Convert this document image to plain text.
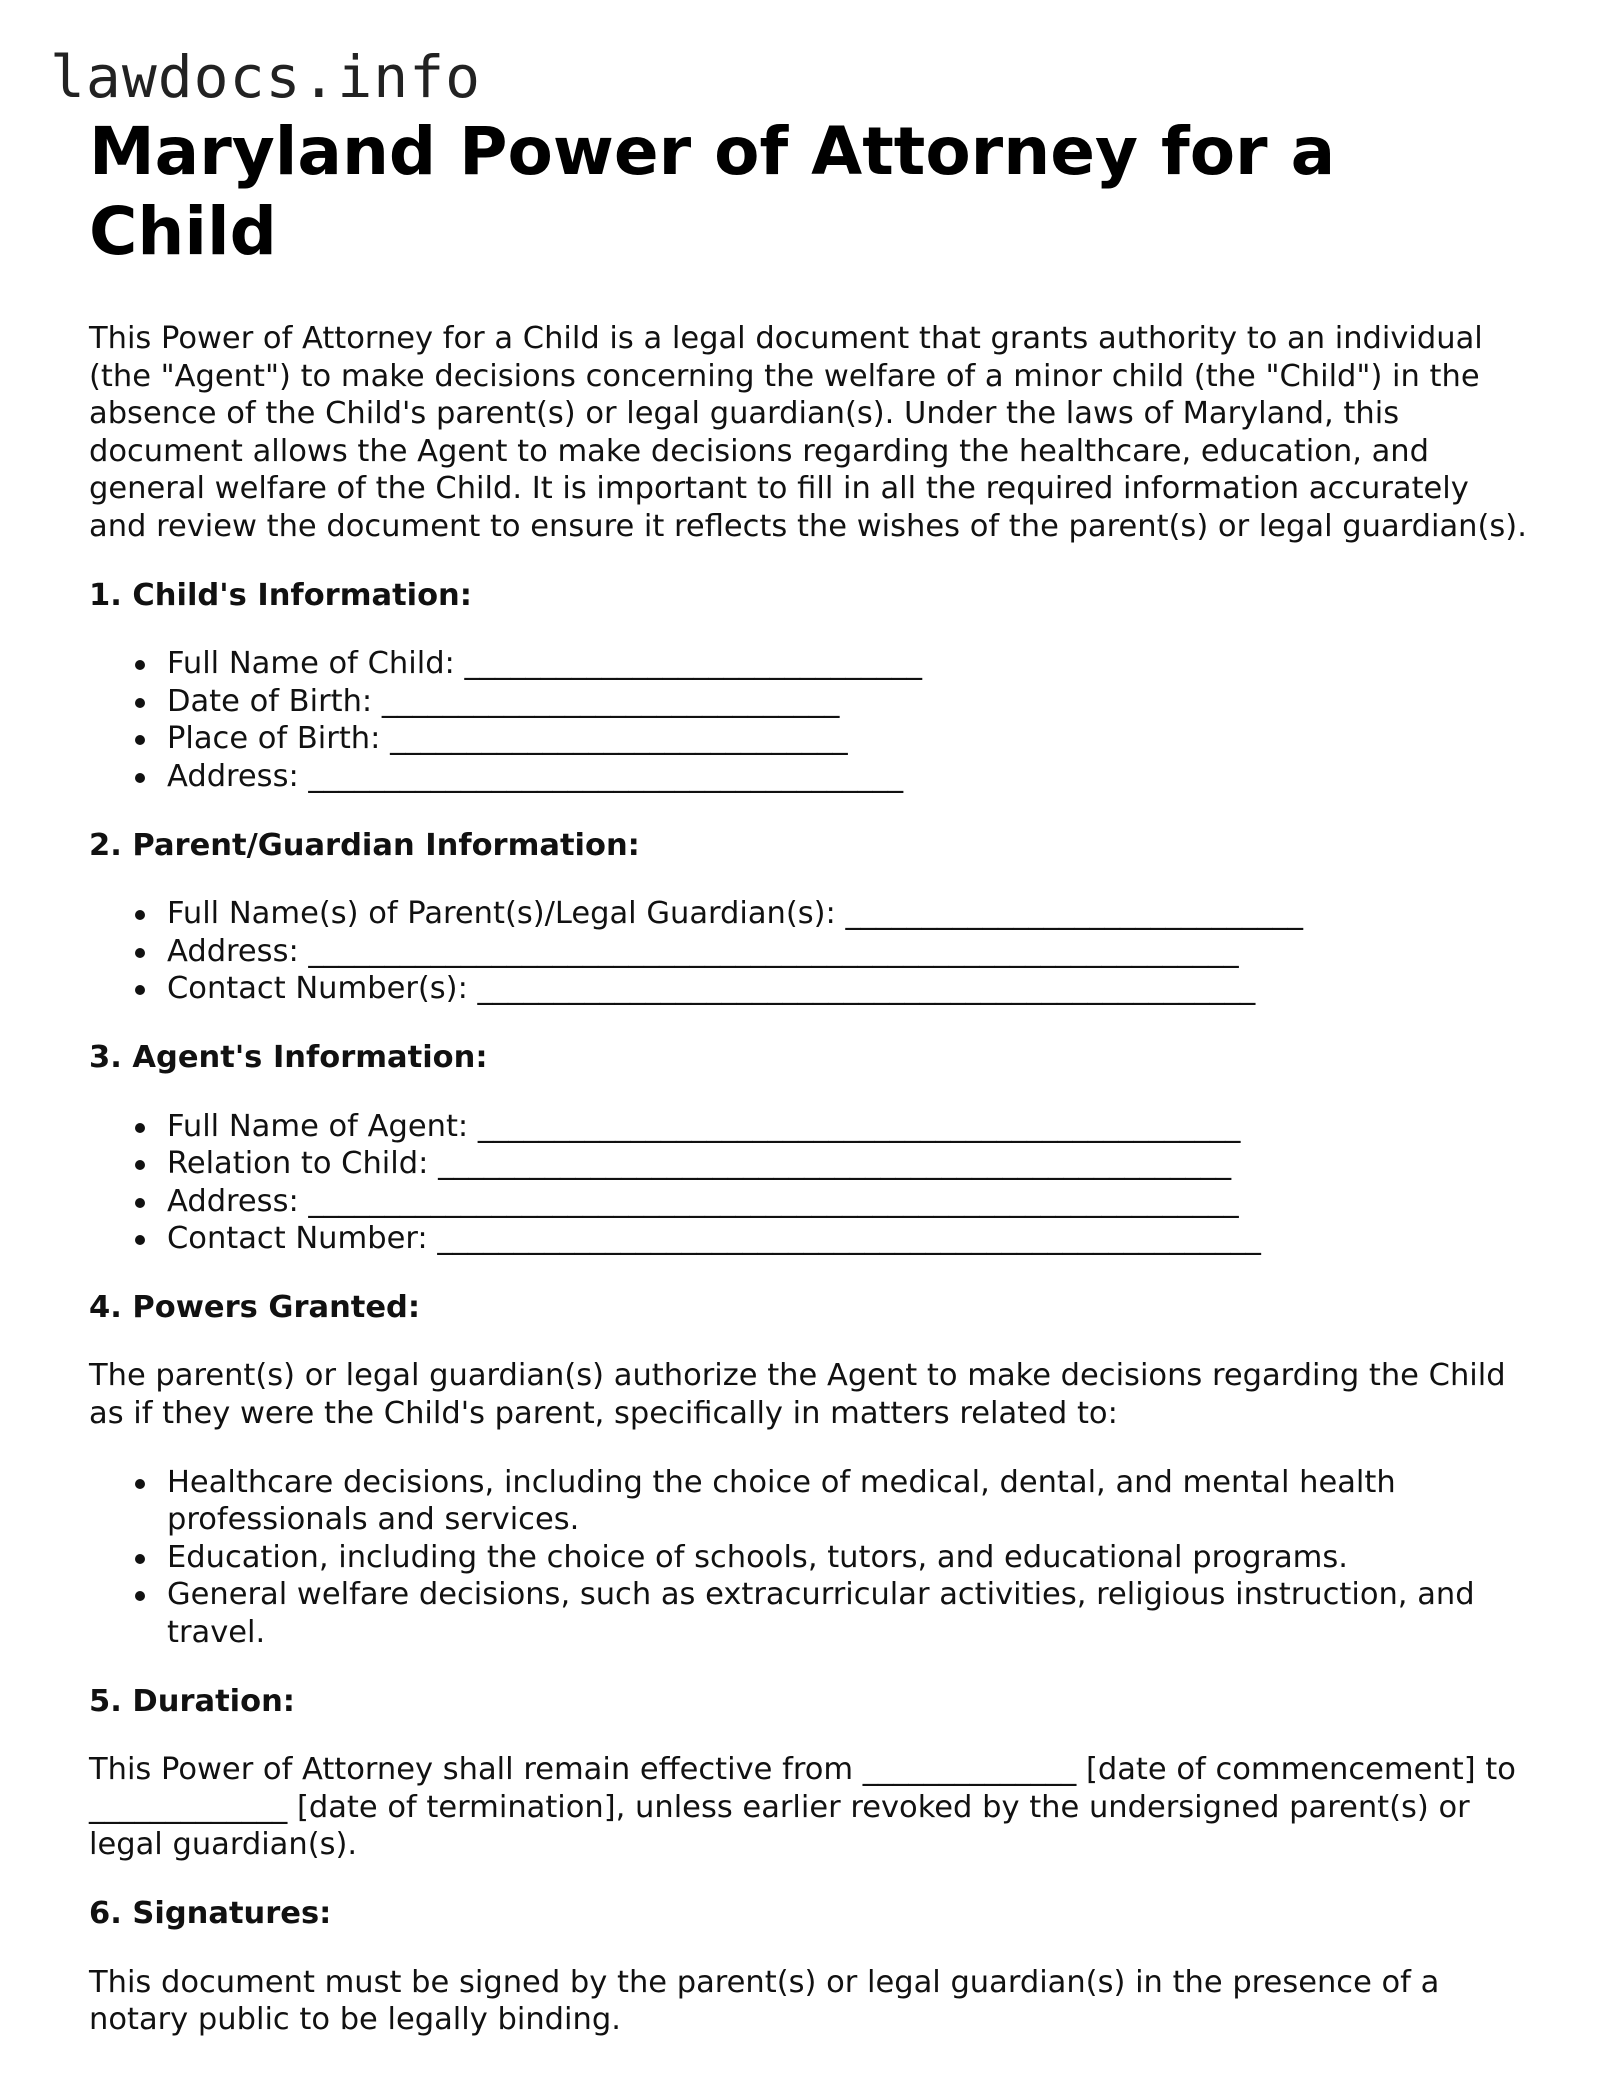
lawdocs.info
Maryland Power of Attorney for a Child

This Power of Attorney for a Child is a legal document that grants authority to an individual (the "Agent") to make decisions concerning the welfare of a minor child (the "Child") in the absence of the Child's parent(s) or legal guardian(s). Under the laws of Maryland, this document allows the Agent to make decisions regarding the healthcare, education, and general welfare of the Child. It is important to fill in all the required information accurately and review the document to ensure it reflects the wishes of the parent(s) or legal guardian(s).

1. Child's Information:
Full Name of Child: ______________________________
Date of Birth: ______________________________
Place of Birth: ______________________________
Address: _______________________________________
2. Parent/Guardian Information:
Full Name(s) of Parent(s)/Legal Guardian(s): ______________________________
Address: _____________________________________________________________
Contact Number(s): ___________________________________________________
3. Agent's Information:
Full Name of Agent: __________________________________________________
Relation to Child: ____________________________________________________
Address: _____________________________________________________________
Contact Number: ______________________________________________________
4. Powers Granted:

The parent(s) or legal guardian(s) authorize the Agent to make decisions regarding the Child as if they were the Child's parent, specifically in matters related to:

Healthcare decisions, including the choice of medical, dental, and mental health professionals and services.
Education, including the choice of schools, tutors, and educational programs.
General welfare decisions, such as extracurricular activities, religious instruction, and travel.
5. Duration:

This Power of Attorney shall remain effective from ______________ [date of commencement] to _____________ [date of termination], unless earlier revoked by the undersigned parent(s) or legal guardian(s).

6. Signatures:

This document must be signed by the parent(s) or legal guardian(s) in the presence of a notary public to be legally binding.
